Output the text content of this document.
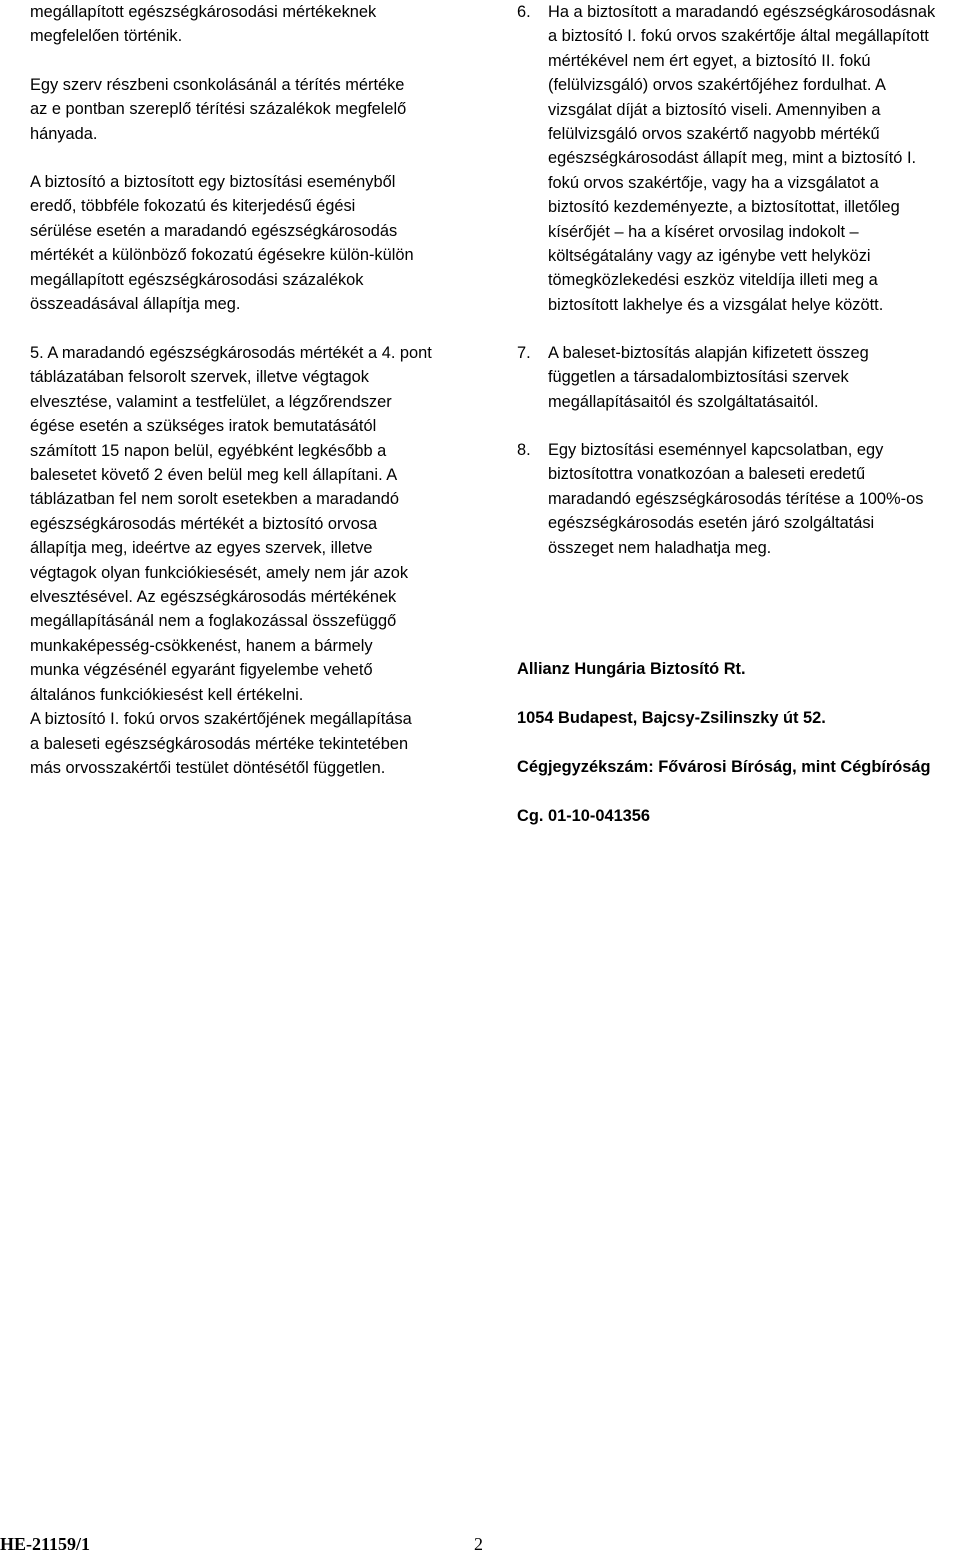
megállapított egészségkárosodási mértékeknek
megfelelően történik.

Egy szerv részbeni csonkolásánál a térítés mértéke
az e pontban szereplő térítési százalékok megfelelő
hányada.

A biztosító a biztosított egy biztosítási eseményből
eredő, többféle fokozatú és kiterjedésű égési
sérülése esetén a maradandó egészségkárosodás
mértékét a különböző fokozatú égésekre külön-külön
megállapított egészségkárosodási százalékok
összeadásával állapítja meg.

5. A maradandó egészségkárosodás mértékét a 4. pont
táblázatában felsorolt szervek, illetve végtagok
elvesztése, valamint a testfelület, a légzőrendszer
égése esetén a szükséges iratok bemutatásától
számított 15 napon belül, egyébként legkésőbb a
balesetet követő 2 éven belül meg kell állapítani. A
táblázatban fel nem sorolt esetekben a maradandó
egészségkárosodás mértékét a biztosító orvosa
állapítja meg, ideértve az egyes szervek, illetve
végtagok olyan funkciókiesését, amely nem jár azok
elvesztésével. Az egészségkárosodás mértékének
megállapításánál nem a foglakozással összefüggő
munkaképesség-csökkenést, hanem a bármely
munka végzésénél egyaránt figyelembe vehető
általános funkciókiesést kell értékelni.
A biztosító I. fokú orvos szakértőjének megállapítása
a baleseti egészségkárosodás mértéke tekintetében
más orvosszakértői testület döntésétől független.

6.	Ha a biztosított a maradandó egészségkárosodásnak
a biztosító I. fokú orvos szakértője által megállapított
mértékével nem ért egyet, a biztosító II. fokú
(felülvizsgáló) orvos szakértőjéhez fordulhat. A
vizsgálat díját a biztosító viseli. Amennyiben a
felülvizsgáló orvos szakértő nagyobb mértékű
egészségkárosodást állapít meg, mint a biztosító I.
fokú orvos szakértője, vagy ha a vizsgálatot a
biztosító kezdeményezte, a biztosítottat, illetőleg
kísérőjét – ha a kíséret orvosilag indokolt –
költségátalány vagy az igénybe vett helyközi
tömegközlekedési eszköz viteldíja illeti meg a
biztosított lakhelye és a vizsgálat helye között.

7.	A baleset-biztosítás alapján kifizetett összeg
független a társadalombiztosítási szervek
megállapításaitól és szolgáltatásaitól.

8.	Egy biztosítási eseménnyel kapcsolatban, egy
biztosítottra vonatkozóan a baleseti eredetű
maradandó egészségkárosodás térítése a 100%-os
egészségkárosodás esetén járó szolgáltatási
összeget nem haladhatja meg.

Allianz Hungária Biztosító Rt.

1054 Budapest, Bajcsy-Zsilinszky út 52.

Cégjegyzékszám: Fővárosi Bíróság, mint Cégbíróság

Cg. 01-10-041356

HE-21159/1	2
